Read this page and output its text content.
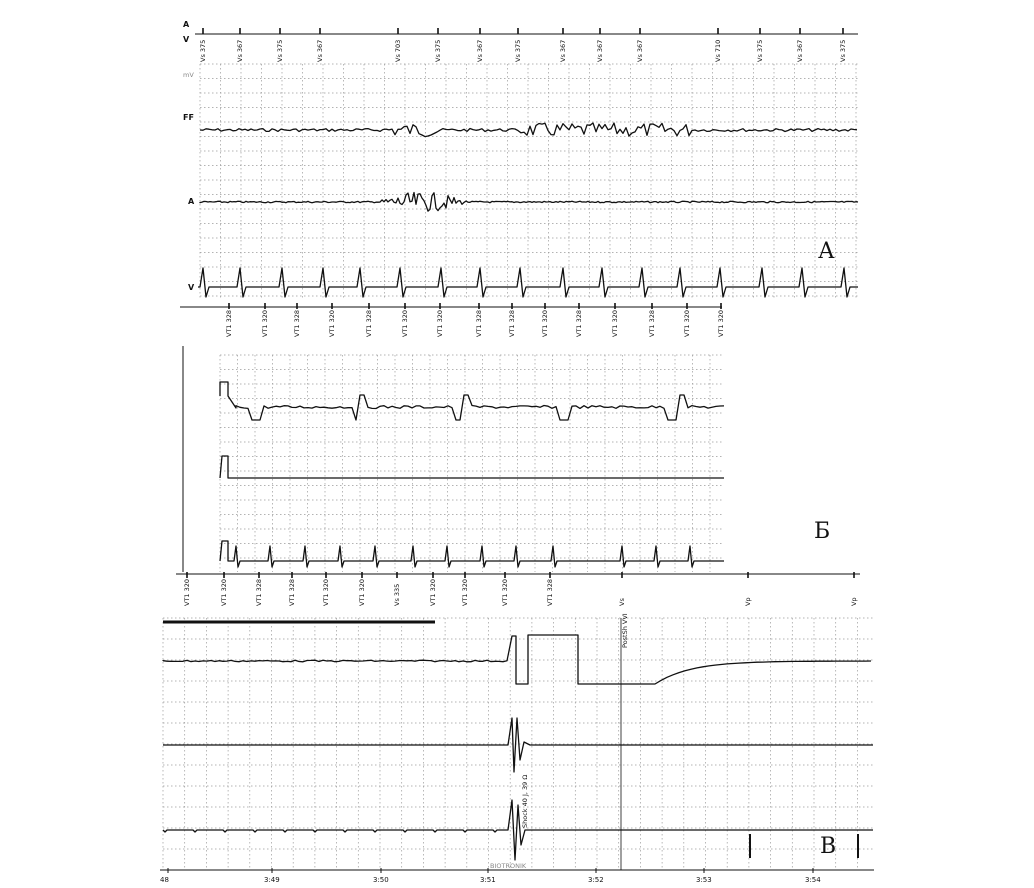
A
V
mV
FF
A
V
Vs 375	Vs 367	Vs 375	Vs 367	Vs 703	Vs 375	Vs 367	Vs 375	Vs 367	Vs 367	Vs 367	Vs 710	Vs 375	Vs 367	Vs 375
VT1 328	VT1 320	VT1 328	VT1 320	VT1 328	VT1 320	VT1 320	VT1 328	VT1 328	VT1 320	VT1 328	VT1 320	VT1 328	VT1 320	VT1 320
А
VT1 320	VT1 320	VT1 328	VT1 328	VT1 320	VT1 320	Vs 335	VT1 320	VT1 320	VT1 320	VT1 328	Vs	Vp	Vp
Б
PostSh VVI
Shock 40 J, 39 Ω
BIOTRONIK
48	3:49	3:50	3:51	3:52	3:53	3:54
В
